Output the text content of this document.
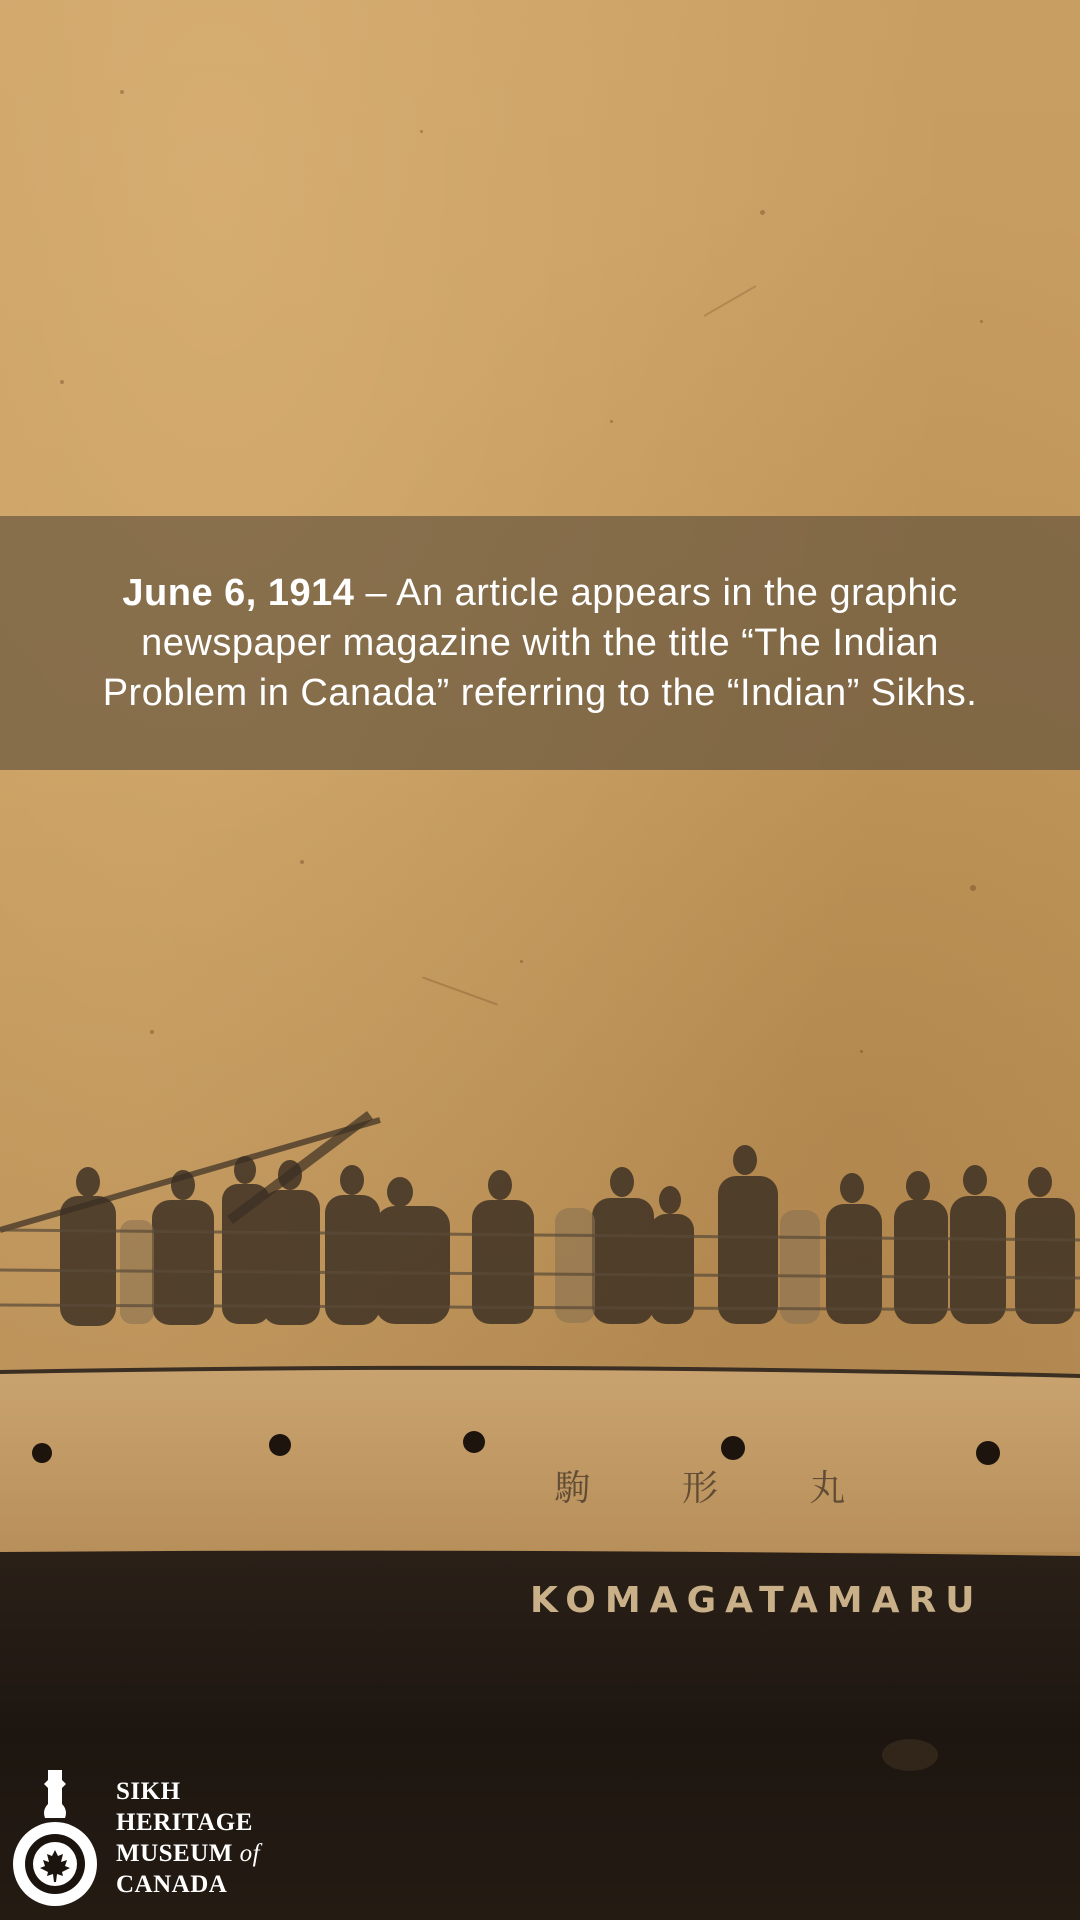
June 6, 1914 – An article appears in the graphic newspaper magazine with the title “The Indian Problem in Canada” referring to the “Indian” Sikhs.
駒 形 丸
KOMAGATAMARU
SIKH
HERITAGE
MUSEUM of
CANADA
